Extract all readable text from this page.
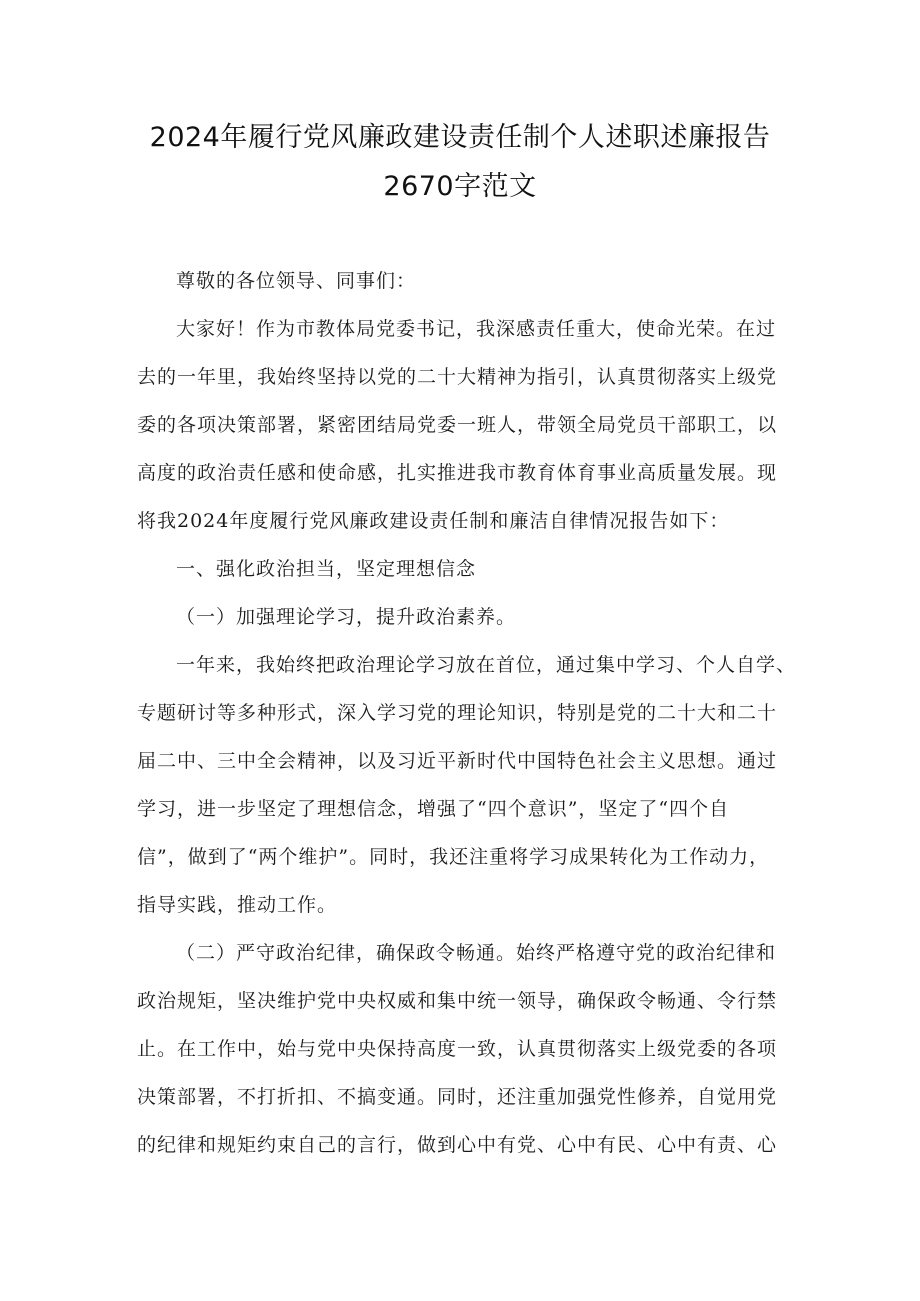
2024年履行党风廉政建设责任制个人述职述廉报告
2670字范文
尊敬的各位领导、同事们：
大家好！作为市教体局党委书记，我深感责任重大，使命光荣。在过
去的一年里，我始终坚持以党的二十大精神为指引，认真贯彻落实上级党
委的各项决策部署，紧密团结局党委一班人，带领全局党员干部职工，以
高度的政治责任感和使命感，扎实推进我市教育体育事业高质量发展。现
将我2024年度履行党风廉政建设责任制和廉洁自律情况报告如下：
一、强化政治担当，坚定理想信念
（一）加强理论学习，提升政治素养。
一年来，我始终把政治理论学习放在首位，通过集中学习、个人自学、
专题研讨等多种形式，深入学习党的理论知识，特别是党的二十大和二十
届二中、三中全会精神，以及习近平新时代中国特色社会主义思想。通过
学习，进一步坚定了理想信念，增强了“四个意识”，坚定了“四个自
信”，做到了“两个维护”。同时，我还注重将学习成果转化为工作动力，
指导实践，推动工作。
（二）严守政治纪律，确保政令畅通。始终严格遵守党的政治纪律和
政治规矩，坚决维护党中央权威和集中统一领导，确保政令畅通、令行禁
止。在工作中，始与党中央保持高度一致，认真贯彻落实上级党委的各项
决策部署，不打折扣、不搞变通。同时，还注重加强党性修养，自觉用党
的纪律和规矩约束自己的言行，做到心中有党、心中有民、心中有责、心
